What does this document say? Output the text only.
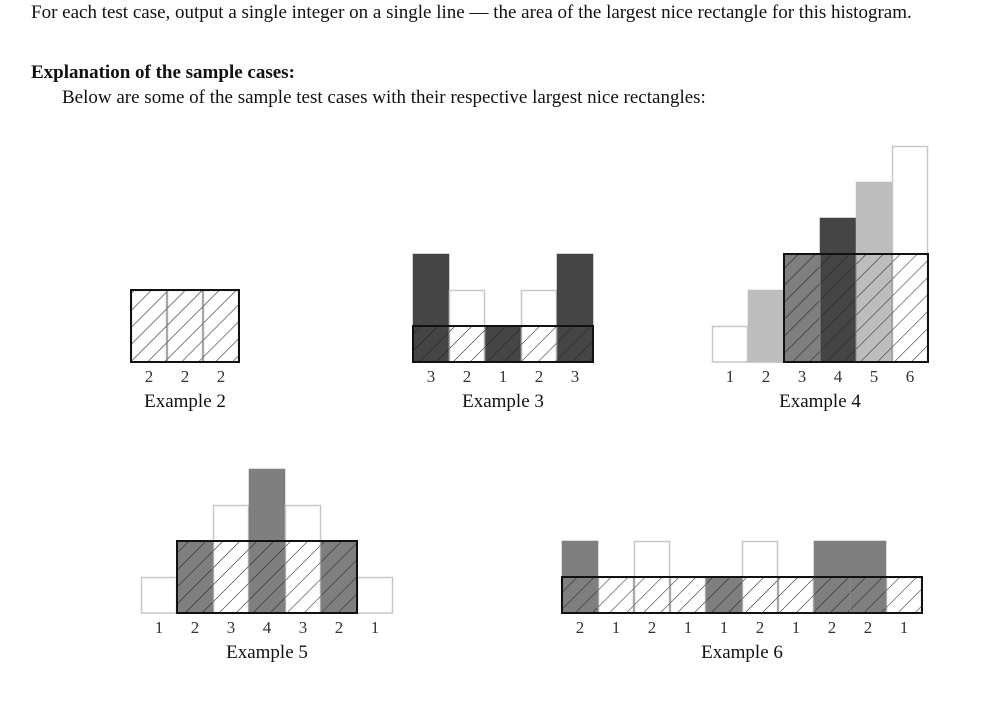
For each test case, output a single integer on a single line — the area of the largest nice rectangle for this histogram.

Explanation of the sample cases:

Below are some of the sample test cases with their respective largest nice rectangles:

2 2 2
Example 2
3 2 1 2 3
Example 3
1 2 3 4 5 6
Example 4
1 2 3 4 3 2 1
Example 5
2 1 2 1 1 2 1 2 2 1
Example 6
